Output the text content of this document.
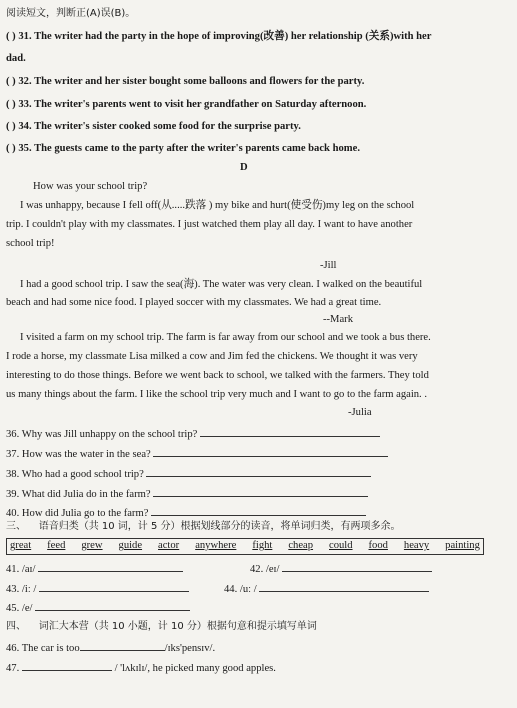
阅读短文，判断正(A)误(B)。
( ) 31. The writer had the party in the hope of improving(改善) her relationship (关系)with her
dad.
( ) 32. The writer and her sister bought some balloons and flowers for the party.
( ) 33. The writer's parents went to visit her grandfather on Saturday afternoon.
( ) 34. The writer's sister cooked some food for the surprise party.
( ) 35. The guests came to the party after the writer's parents came back home.
D
How was your school trip?
I was unhappy, because I fell off(从.....跌落 ) my bike and hurt(使受伤)my leg on the school
trip. I couldn't play with my classmates. I just watched them play all day. I want to have another
school trip!
-Jill
I had a good school trip. I saw the sea(海). The water was very clean. I walked on the beautiful
beach and had some nice food. I played soccer with my classmates. We had a great time.
--Mark
I visited a farm on my school trip. The farm is far away from our school and we took a bus there.
I rode a horse, my classmate Lisa milked a cow and Jim fed the chickens. We thought it was very
interesting to do those things. Before we went back to school, we talked with the farmers. They told
us many things about the farm. I like the school trip very much and I want to go to the farm again. .
-Julia
36. Why was Jill unhappy on the school trip?
37. How was the water in the sea?
38. Who had a good school trip?
39. What did Julia do in the farm?
40. How did Julia go to the farm?
三、 语音归类（共 10 词，计 5 分）根据划线部分的读音，将单词归类，有两项多余。
great feed grew guide actor anywhere fight cheap could food heavy painting
41. /aɪ/	42. /eɪ/
43. /iː /	44. /uː /
45. /e/
四、 词汇大本营（共 10 小题，计 10 分）根据句意和提示填写单词
46. The car is too	/ɪks'pensɪv/.
47.	/ 'lʌkɪlɪ/, he picked many good apples.
